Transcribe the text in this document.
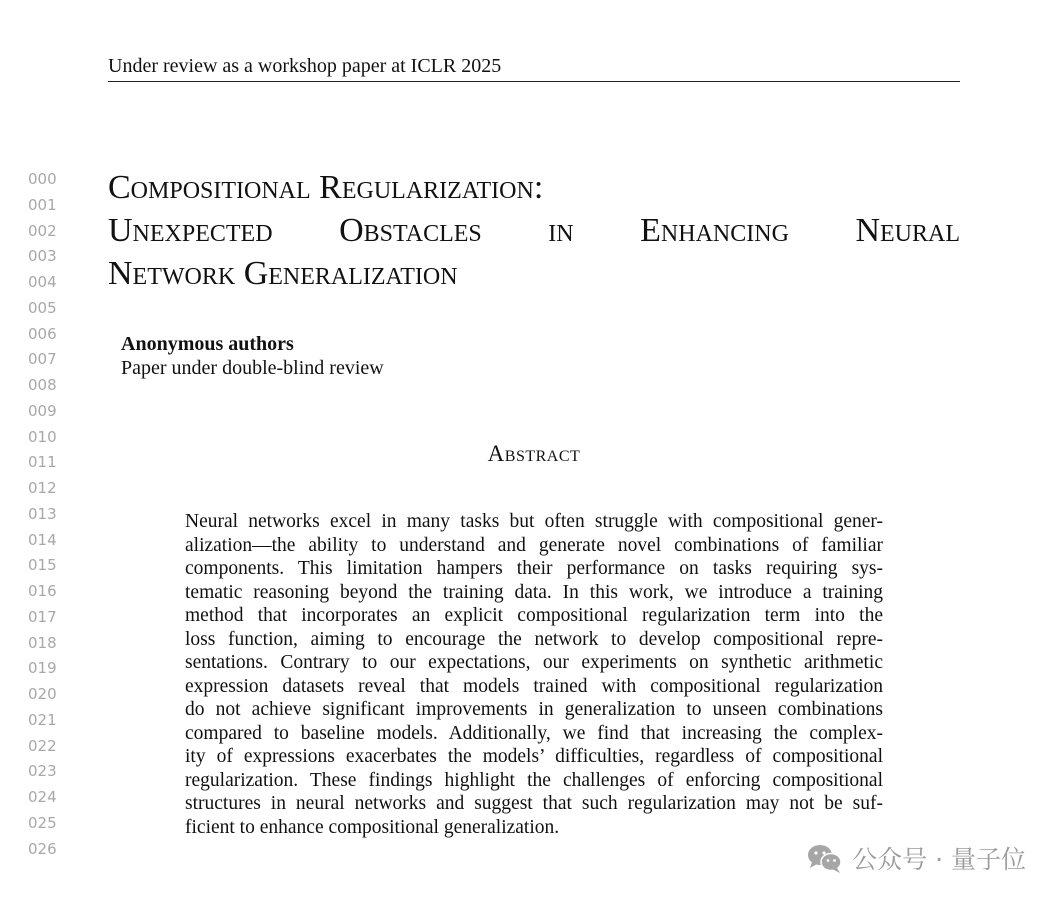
Under review as a workshop paper at ICLR 2025
000
001
002
003
004
005
006
007
008
009
010
011
012
013
014
015
016
017
018
019
020
021
022
023
024
025
026
Compositional Regularization:
Unexpected Obstacles in Enhancing Neural
Network Generalization
Anonymous authors
Paper under double-blind review
Abstract
Neural networks excel in many tasks but often struggle with compositional gener-
alization—the ability to understand and generate novel combinations of familiar
components. This limitation hampers their performance on tasks requiring sys-
tematic reasoning beyond the training data. In this work, we introduce a training
method that incorporates an explicit compositional regularization term into the
loss function, aiming to encourage the network to develop compositional repre-
sentations. Contrary to our expectations, our experiments on synthetic arithmetic
expression datasets reveal that models trained with compositional regularization
do not achieve significant improvements in generalization to unseen combinations
compared to baseline models. Additionally, we find that increasing the complex-
ity of expressions exacerbates the models’ difficulties, regardless of compositional
regularization. These findings highlight the challenges of enforcing compositional
structures in neural networks and suggest that such regularization may not be suf-
ficient to enhance compositional generalization.
公众号 · 量子位
